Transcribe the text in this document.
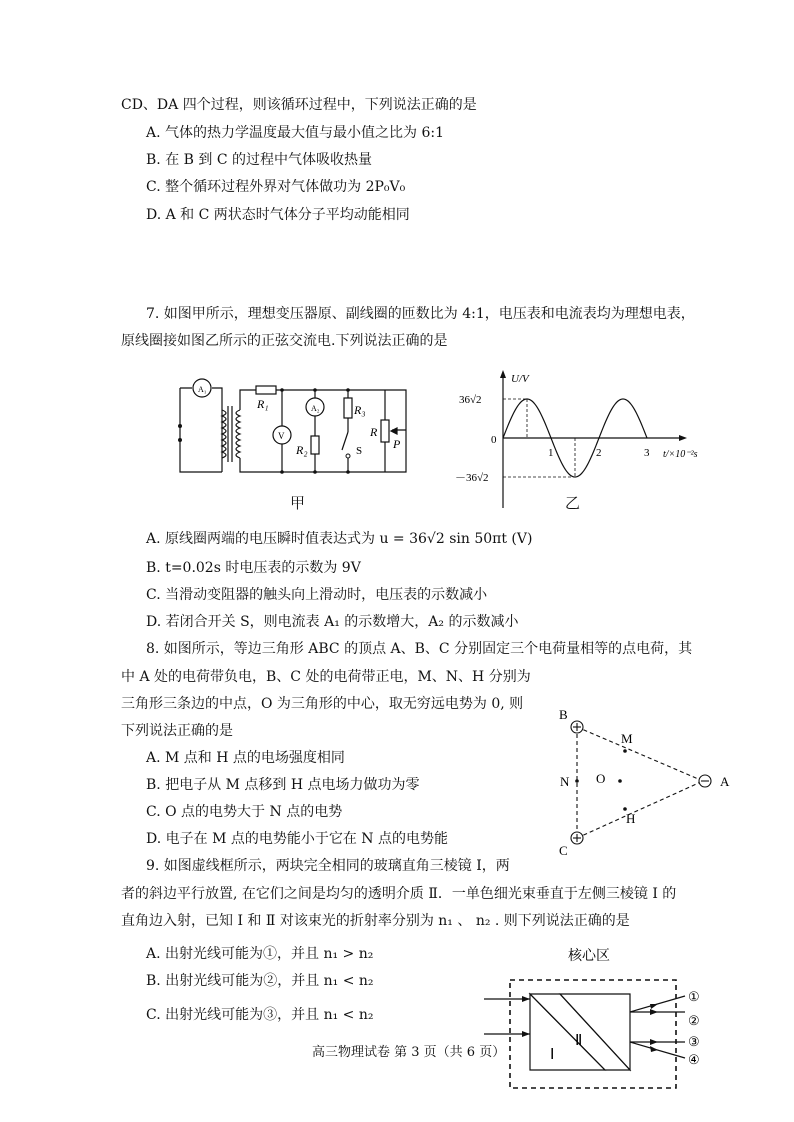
CD、DA 四个过程，则该循环过程中，下列说法正确的是
A. 气体的热力学温度最大值与最小值之比为 6:1
B. 在 B 到 C 的过程中气体吸收热量
C. 整个循环过程外界对气体做功为 2P₀V₀
D. A 和 C 两状态时气体分子平均动能相同
7. 如图甲所示，理想变压器原、副线圈的匝数比为 4:1，电压表和电流表均为理想电表，
原线圈接如图乙所示的正弦交流电.下列说法正确的是
A₁
V
A₂
R₁
R₂
R₃
R
P
S
甲
U/V
36√2
－36√2
0
1	2	3 t/×10⁻²s
乙
A. 原线圈两端的电压瞬时值表达式为 u = 36√2 sin 50πt (V)
B. t=0.02s 时电压表的示数为 9V
C. 当滑动变阻器的触头向上滑动时，电压表的示数减小
D. 若闭合开关 S，则电流表 A₁ 的示数增大，A₂ 的示数减小
8. 如图所示，等边三角形 ABC 的顶点 A、B、C 分别固定三个电荷量相等的点电荷，其
中 A 处的电荷带负电，B、C 处的电荷带正电，M、N、H 分别为
三角形三条边的中点，O 为三角形的中心，取无穷远电势为 0, 则
下列说法正确的是
A. M 点和 H 点的电场强度相同
B. 把电子从 M 点移到 H 点电场力做功为零
C. O 点的电势大于 N 点的电势
D. 电子在 M 点的电势能小于它在 N 点的电势能
B
C
A
M
N O
H
9. 如图虚线框所示，两块完全相同的玻璃直角三棱镜 Ⅰ，两
者的斜边平行放置, 在它们之间是均匀的透明介质 Ⅱ．一单色细光束垂直于左侧三棱镜 Ⅰ 的
直角边入射，已知 Ⅰ 和 Ⅱ 对该束光的折射率分别为 n₁ 、 n₂ . 则下列说法正确的是
A. 出射光线可能为①，并且 n₁ > n₂
B. 出射光线可能为②，并且 n₁ < n₂
C. 出射光线可能为③，并且 n₁ < n₂
核心区
Ⅰ
Ⅱ
①
②
③
④
高三物理试卷 第 3 页（共 6 页）
